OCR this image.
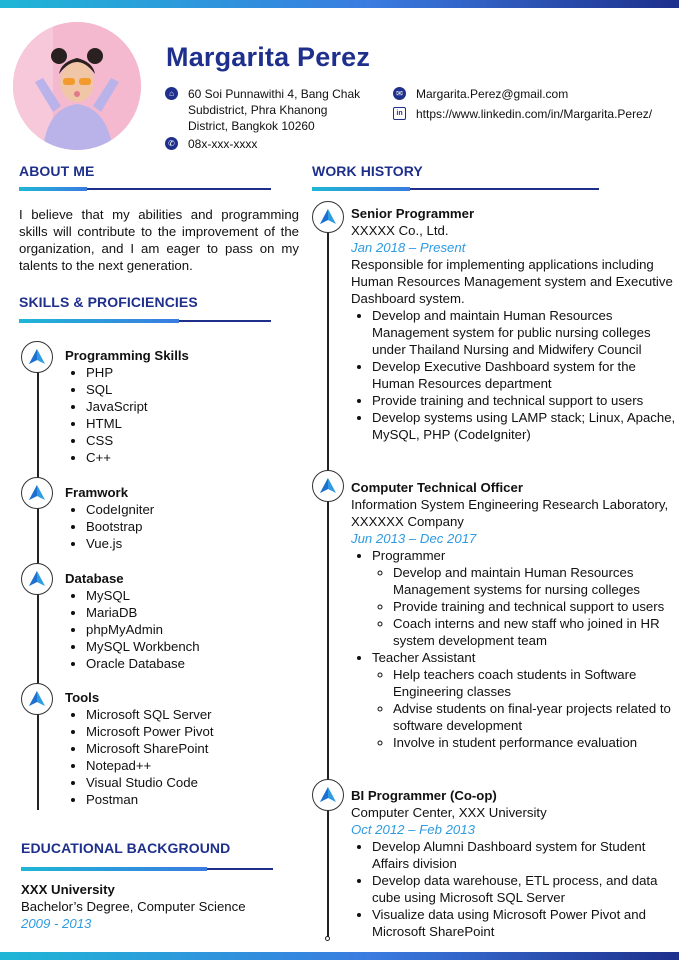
Margarita Perez
⌂	60 Soi Punnawithi 4, Bang Chak Subdistrict, Phra Khanong District, Bangkok 10260
✆ 08x-xxx-xxxx
✉ Margarita.Perez@gmail.com
in https://www.linkedin.com/in/Margarita.Perez/
ABOUT ME
I believe that my abilities and programming skills will contribute to the improvement of the organization, and I am eager to pass on my talents to the next generation.
SKILLS & PROFICIENCIES
Programming Skills
• PHP
• SQL
• JavaScript
• HTML
• CSS
• C++
Framwork
• CodeIgniter
• Bootstrap
• Vue.js
Database
• MySQL
• MariaDB
• phpMyAdmin
• MySQL Workbench
• Oracle Database
Tools
• Microsoft SQL Server
• Microsoft Power Pivot
• Microsoft SharePoint
• Notepad++
• Visual Studio Code
• Postman
EDUCATIONAL BACKGROUND
XXX University
Bachelor’s Degree, Computer Science
2009 - 2013
WORK HISTORY
Senior Programmer
XXXXX Co., Ltd.
Jan 2018 – Present
Responsible for implementing applications including Human Resources Management system and Executive Dashboard system.
• Develop and maintain Human Resources Management system for public nursing colleges under Thailand Nursing and Midwifery Council
• Develop Executive Dashboard system for the Human Resources department
• Provide training and technical support to users
• Develop systems using LAMP stack; Linux, Apache, MySQL, PHP (CodeIgniter)
Computer Technical Officer
Information System Engineering Research Laboratory, XXXXXX Company
Jun 2013 – Dec 2017
• Programmer
◦ Develop and maintain Human Resources Management systems for nursing colleges
◦ Provide training and technical support to users
◦ Coach interns and new staff who joined in HR system development team
• Teacher Assistant
◦ Help teachers coach students in Software Engineering classes
◦ Advise students on final-year projects related to software development
◦ Involve in student performance evaluation
BI Programmer (Co-op)
Computer Center, XXX University
Oct 2012 – Feb 2013
• Develop Alumni Dashboard system for Student Affairs division
• Develop data warehouse, ETL process, and data cube using Microsoft SQL Server
• Visualize data using Microsoft Power Pivot and Microsoft SharePoint
